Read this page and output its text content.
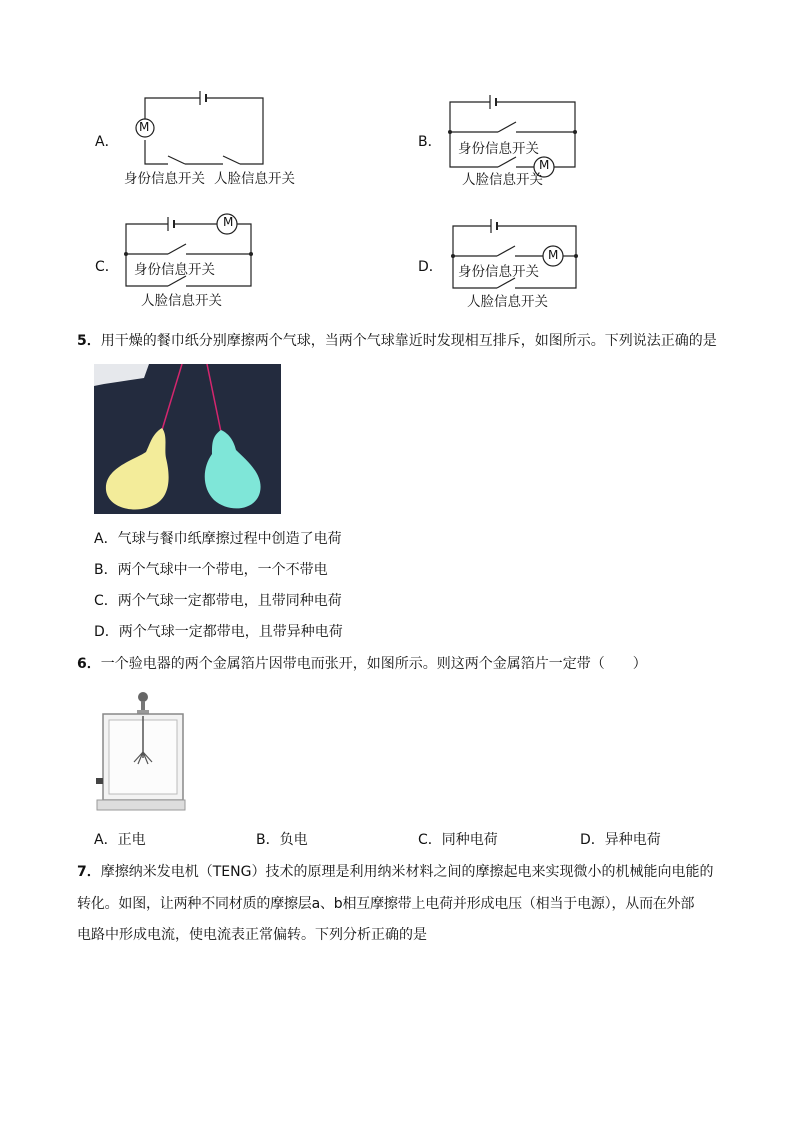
A．
M
身份信息开关 人脸信息开关
B．
M
身份信息开关
人脸信息开关
C．
M
身份信息开关
人脸信息开关
D．
M
身份信息开关
人脸信息开关
5．用干燥的餐巾纸分别摩擦两个气球，当两个气球靠近时发现相互排斥，如图所示。下列说法正确的是
A．气球与餐巾纸摩擦过程中创造了电荷
B．两个气球中一个带电，一个不带电
C．两个气球一定都带电，且带同种电荷
D．两个气球一定都带电，且带异种电荷
6．一个验电器的两个金属箔片因带电而张开，如图所示。则这两个金属箔片一定带（　　）
A．正电	B．负电	C．同种电荷	D．异种电荷
7．摩擦纳米发电机（TENG）技术的原理是利用纳米材料之间的摩擦起电来实现微小的机械能向电能的
转化。如图，让两种不同材质的摩擦层a、b相互摩擦带上电荷并形成电压（相当于电源），从而在外部
电路中形成电流，使电流表正常偏转。下列分析正确的是
